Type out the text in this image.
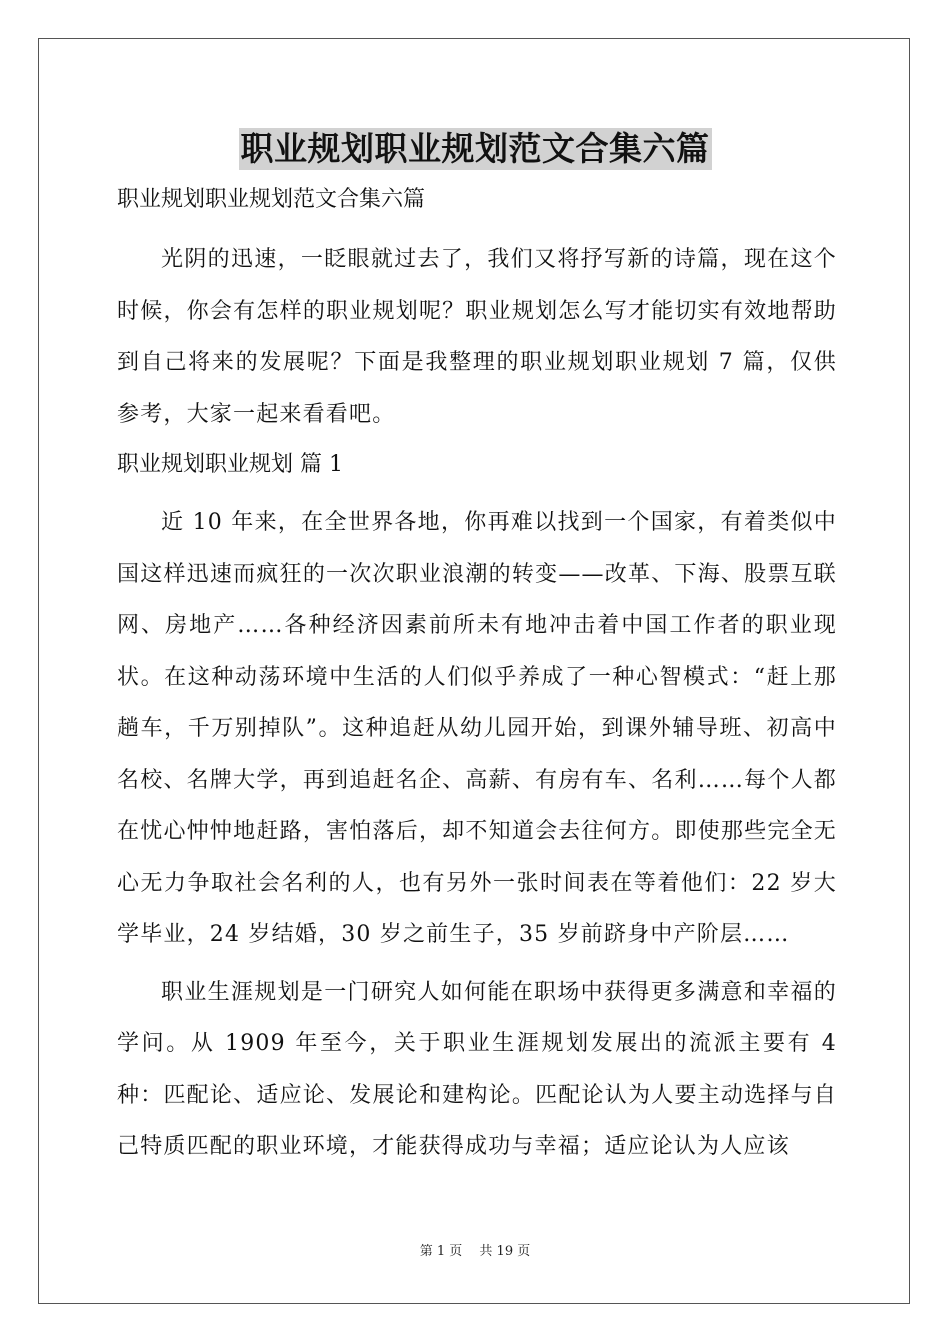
职业规划职业规划范文合集六篇

职业规划职业规划范文合集六篇

光阴的迅速，一眨眼就过去了，我们又将抒写新的诗篇，现在这个时候，你会有怎样的职业规划呢？职业规划怎么写才能切实有效地帮助到自己将来的发展呢？下面是我整理的职业规划职业规划 7 篇，仅供参考，大家一起来看看吧。

职业规划职业规划 篇 1

近 10 年来，在全世界各地，你再难以找到一个国家，有着类似中国这样迅速而疯狂的一次次职业浪潮的转变——改革、下海、股票互联网、房地产……各种经济因素前所未有地冲击着中国工作者的职业现状。在这种动荡环境中生活的人们似乎养成了一种心智模式：“赶上那趟车，千万别掉队”。这种追赶从幼儿园开始，到课外辅导班、初高中名校、名牌大学，再到追赶名企、高薪、有房有车、名利……每个人都在忧心忡忡地赶路，害怕落后，却不知道会去往何方。即使那些完全无心无力争取社会名利的人，也有另外一张时间表在等着他们：22 岁大学毕业，24 岁结婚，30 岁之前生子，35 岁前跻身中产阶层……

职业生涯规划是一门研究人如何能在职场中获得更多满意和幸福的学问。从 1909 年至今，关于职业生涯规划发展出的流派主要有 4 种：匹配论、适应论、发展论和建构论。匹配论认为人要主动选择与自己特质匹配的职业环境，才能获得成功与幸福；适应论认为人应该

第 1 页　 共 19 页
